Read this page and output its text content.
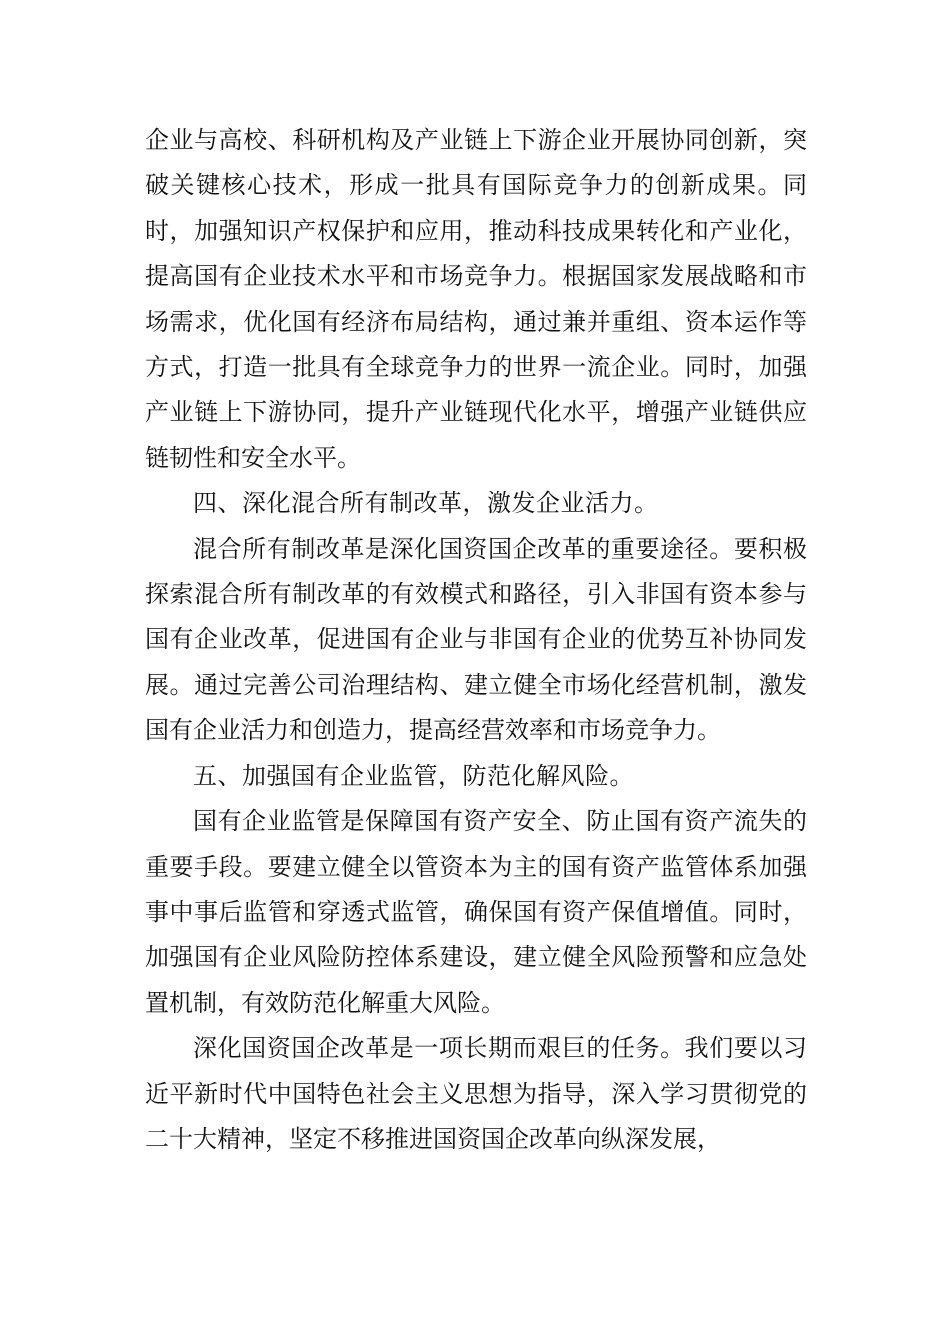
企业与高校、科研机构及产业链上下游企业开展协同创新，突破关键核心技术，形成一批具有国际竞争力的创新成果。同时，加强知识产权保护和应用，推动科技成果转化和产业化，提高国有企业技术水平和市场竞争力。根据国家发展战略和市场需求，优化国有经济布局结构，通过兼并重组、资本运作等方式，打造一批具有全球竞争力的世界一流企业。同时，加强产业链上下游协同，提升产业链现代化水平，增强产业链供应链韧性和安全水平。

四、深化混合所有制改革，激发企业活力。

混合所有制改革是深化国资国企改革的重要途径。要积极探索混合所有制改革的有效模式和路径，引入非国有资本参与国有企业改革，促进国有企业与非国有企业的优势互补协同发展。通过完善公司治理结构、建立健全市场化经营机制，激发国有企业活力和创造力，提高经营效率和市场竞争力。

五、加强国有企业监管，防范化解风险。

国有企业监管是保障国有资产安全、防止国有资产流失的重要手段。要建立健全以管资本为主的国有资产监管体系加强事中事后监管和穿透式监管，确保国有资产保值增值。同时，加强国有企业风险防控体系建设，建立健全风险预警和应急处置机制，有效防范化解重大风险。

深化国资国企改革是一项长期而艰巨的任务。我们要以习近平新时代中国特色社会主义思想为指导，深入学习贯彻党的二十大精神，坚定不移推进国资国企改革向纵深发展，
